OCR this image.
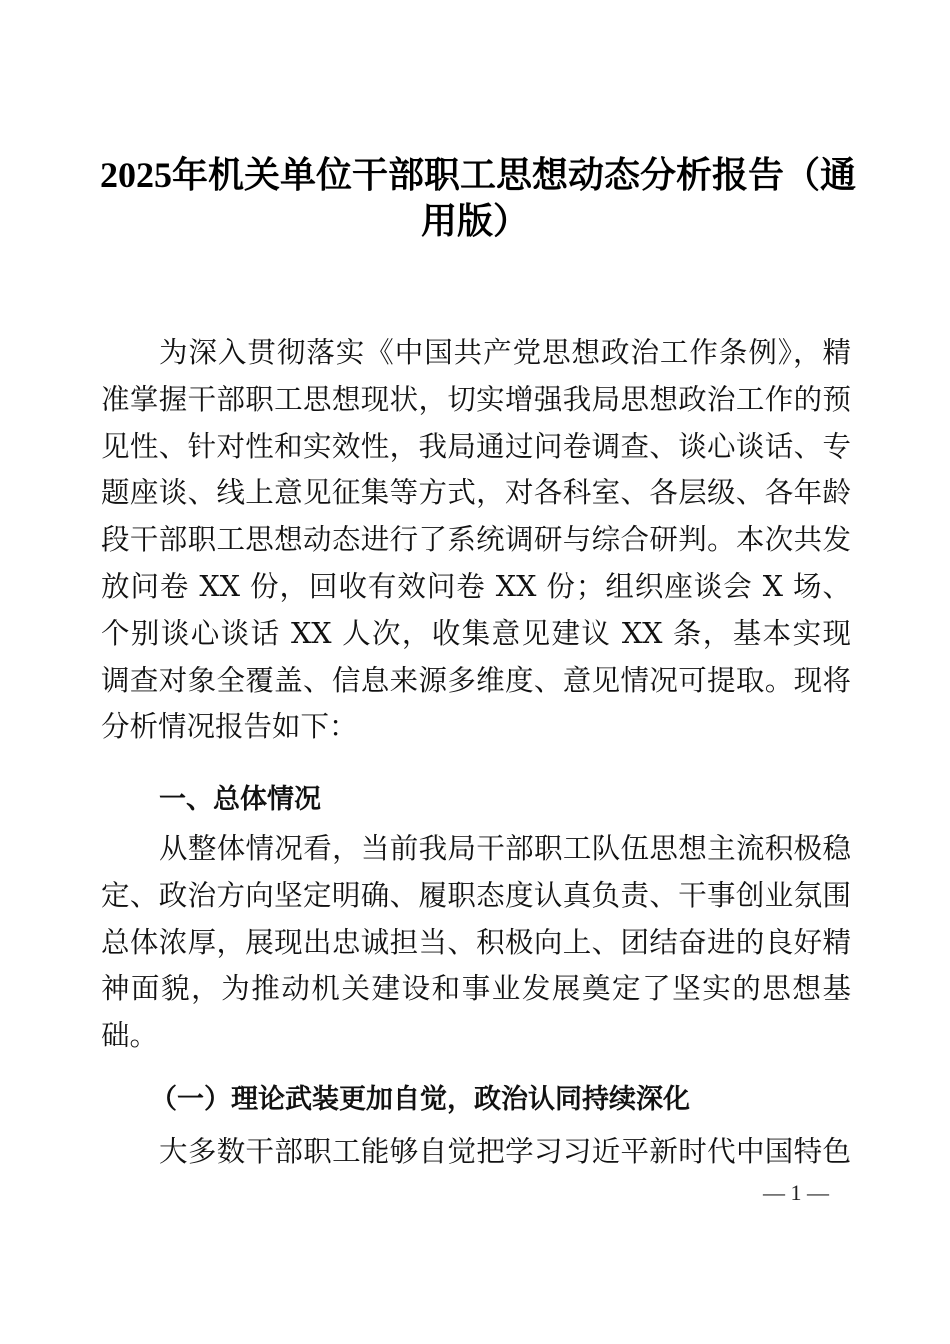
2025年机关单位干部职工思想动态分析报告（通
用版）
为深入贯彻落实《中国共产党思想政治工作条例》，精
准掌握干部职工思想现状，切实增强我局思想政治工作的预
见性、针对性和实效性，我局通过问卷调查、谈心谈话、专
题座谈、线上意见征集等方式，对各科室、各层级、各年龄
段干部职工思想动态进行了系统调研与综合研判。本次共发
放问卷 XX 份，回收有效问卷 XX 份；组织座谈会 X 场、
个别谈心谈话 XX 人次，收集意见建议 XX 条，基本实现
调查对象全覆盖、信息来源多维度、意见情况可提取。现将
分析情况报告如下：
一、总体情况
从整体情况看，当前我局干部职工队伍思想主流积极稳
定、政治方向坚定明确、履职态度认真负责、干事创业氛围
总体浓厚，展现出忠诚担当、积极向上、团结奋进的良好精
神面貌，为推动机关建设和事业发展奠定了坚实的思想基
础。
（一）理论武装更加自觉，政治认同持续深化
大多数干部职工能够自觉把学习习近平新时代中国特色
— 1 —
